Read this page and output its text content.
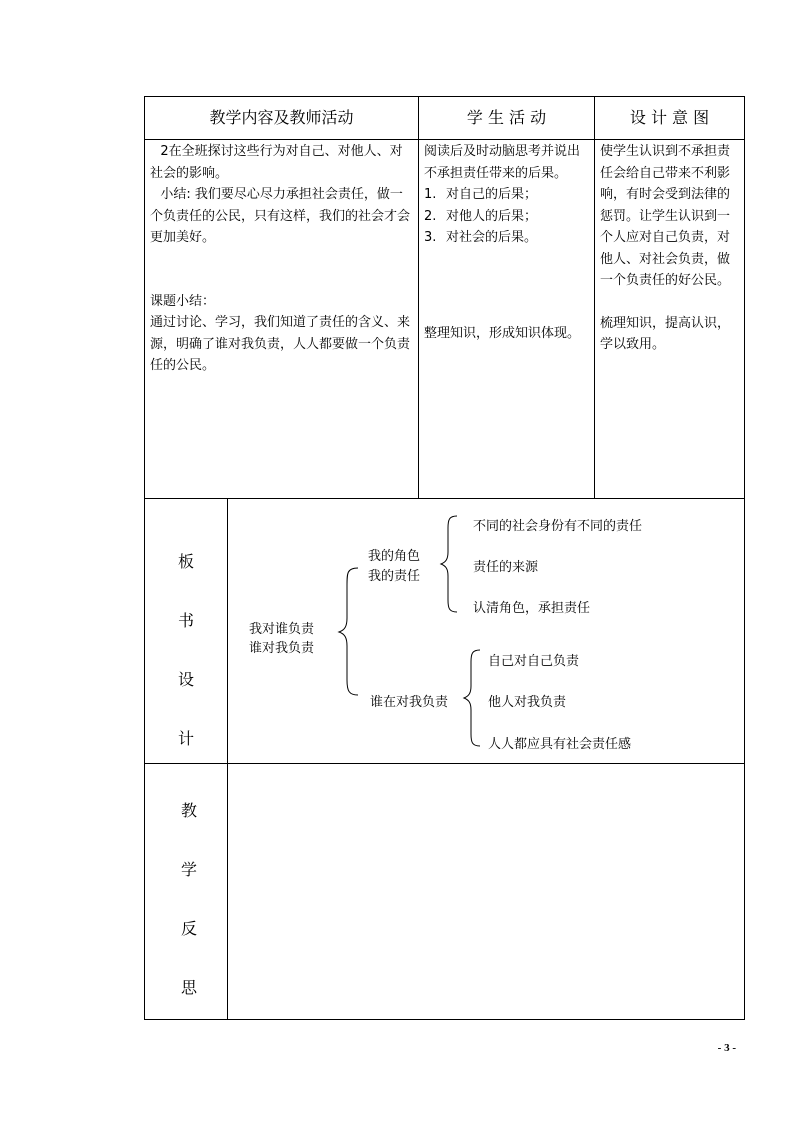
教学内容及教师活动	学 生 活 动	设 计 意 图

2在全班探讨这些行为对自己、对他人、对社会的影响。

小结: 我们要尽心尽力承担社会责任，做一个负责任的公民，只有这样，我们的社会才会更加美好。

课题小结：

通过讨论、学习，我们知道了责任的含义、来源，明确了谁对我负责，人人都要做一个负责任的公民。

阅读后及时动脑思考并说出不承担责任带来的后果。

1. 对自己的后果；

2. 对他人的后果；

3. 对社会的后果。

整理知识，形成知识体现。

使学生认识到不承担责任会给自己带来不利影响，有时会受到法律的惩罚。让学生认识到一个人应对自己负责，对他人、对社会负责，做一个负责任的好公民。

梳理知识，提高认识，学以致用。

板
书
设
计
我对谁负责
谁对我负责
我的角色
我的责任
不同的社会身份有不同的责任
责任的来源
认清角色，承担责任
谁在对我负责
自己对自己负责
他人对我负责
人人都应具有社会责任感
教
学
反
思
- 3 -
